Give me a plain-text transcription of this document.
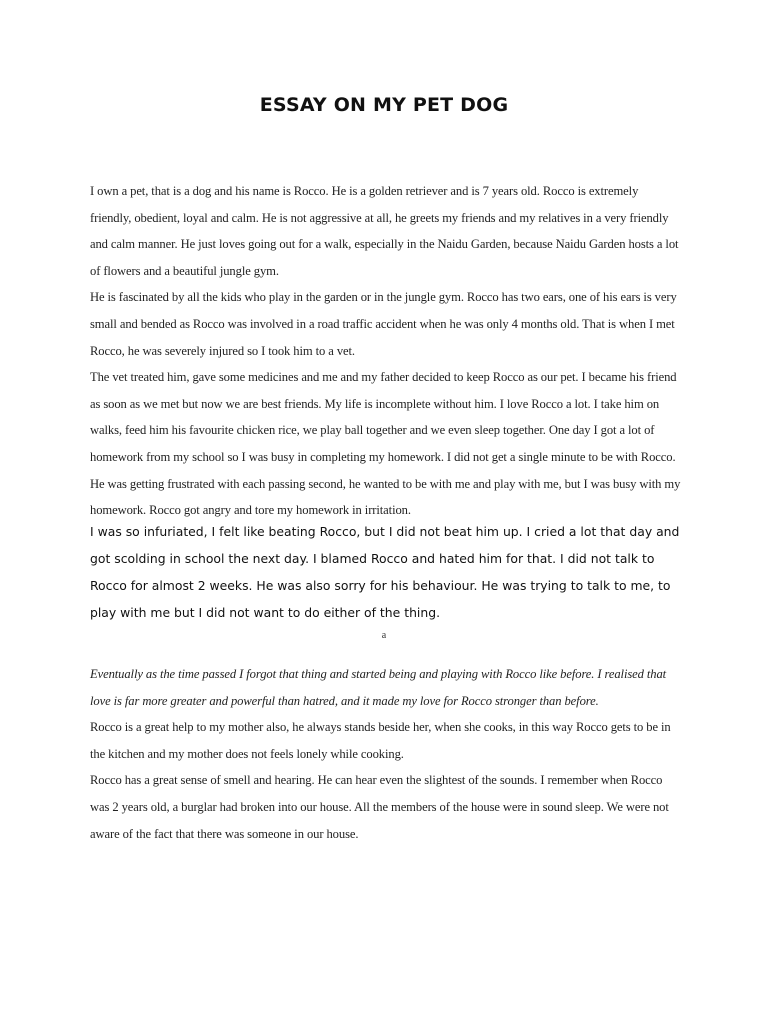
ESSAY ON MY PET DOG

I own a pet, that is a dog and his name is Rocco. He is a golden retriever and is 7 years old. Rocco is extremely friendly, obedient, loyal and calm. He is not aggressive at all, he greets my friends and my relatives in a very friendly and calm manner. He just loves going out for a walk, especially in the Naidu Garden, because Naidu Garden hosts a lot of flowers and a beautiful jungle gym.

He is fascinated by all the kids who play in the garden or in the jungle gym. Rocco has two ears, one of his ears is very small and bended as Rocco was involved in a road traffic accident when he was only 4 months old. That is when I met Rocco, he was severely injured so I took him to a vet.

The vet treated him, gave some medicines and me and my father decided to keep Rocco as our pet. I became his friend as soon as we met but now we are best friends. My life is incomplete without him. I love Rocco a lot. I take him on walks, feed him his favourite chicken rice, we play ball together and we even sleep together. One day I got a lot of homework from my school so I was busy in completing my homework. I did not get a single minute to be with Rocco. He was getting frustrated with each passing second, he wanted to be with me and play with me, but I was busy with my homework. Rocco got angry and tore my homework in irritation.

I was so infuriated, I felt like beating Rocco, but I did not beat him up. I cried a lot that day and got scolding in school the next day. I blamed Rocco and hated him for that. I did not talk to Rocco for almost 2 weeks. He was also sorry for his behaviour. He was trying to talk to me, to play with me but I did not want to do either of the thing.

a

Eventually as the time passed I forgot that thing and started being and playing with Rocco like before. I realised that love is far more greater and powerful than hatred, and it made my love for Rocco stronger than before.

Rocco is a great help to my mother also, he always stands beside her, when she cooks, in this way Rocco gets to be in the kitchen and my mother does not feels lonely while cooking.

Rocco has a great sense of smell and hearing. He can hear even the slightest of the sounds. I remember when Rocco was 2 years old, a burglar had broken into our house. All the members of the house were in sound sleep. We were not aware of the fact that there was someone in our house.
